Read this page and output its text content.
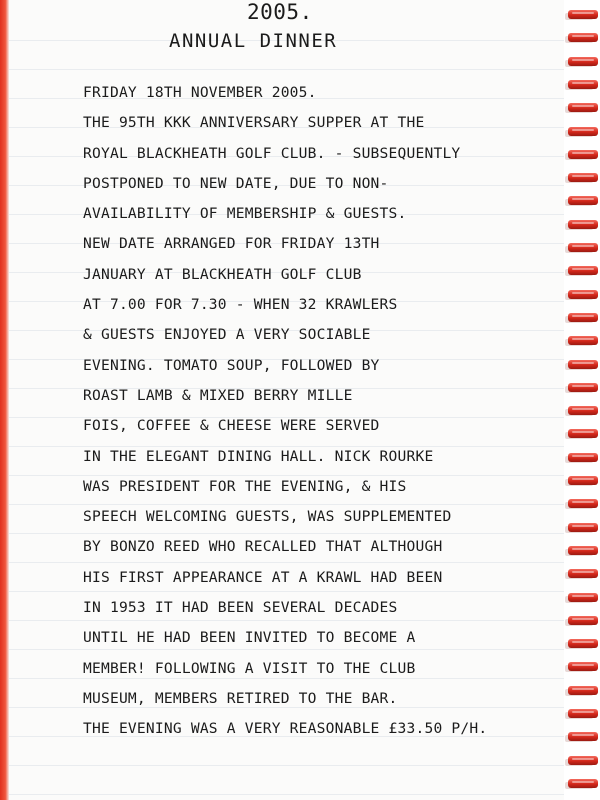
2005.
ANNUAL DINNER
FRIDAY 18TH NOVEMBER 2005.
THE 95TH KKK ANNIVERSARY SUPPER AT THE
ROYAL BLACKHEATH GOLF CLUB. - SUBSEQUENTLY
POSTPONED TO NEW DATE, DUE TO NON-
AVAILABILITY OF MEMBERSHIP & GUESTS.
NEW DATE ARRANGED FOR FRIDAY 13TH
JANUARY AT BLACKHEATH GOLF CLUB
AT 7.00 FOR 7.30 - WHEN 32 KRAWLERS
& GUESTS ENJOYED A VERY SOCIABLE
EVENING. TOMATO SOUP, FOLLOWED BY
ROAST LAMB & MIXED BERRY MILLE
FOIS, COFFEE & CHEESE WERE SERVED
IN THE ELEGANT DINING HALL. NICK ROURKE
WAS PRESIDENT FOR THE EVENING, & HIS
SPEECH WELCOMING GUESTS, WAS SUPPLEMENTED
BY BONZO REED WHO RECALLED THAT ALTHOUGH
HIS FIRST APPEARANCE AT A KRAWL HAD BEEN
IN 1953 IT HAD BEEN SEVERAL DECADES
UNTIL HE HAD BEEN INVITED TO BECOME A
MEMBER! FOLLOWING A VISIT TO THE CLUB
MUSEUM, MEMBERS RETIRED TO THE BAR.
THE EVENING WAS A VERY REASONABLE £33.50 P/H.
